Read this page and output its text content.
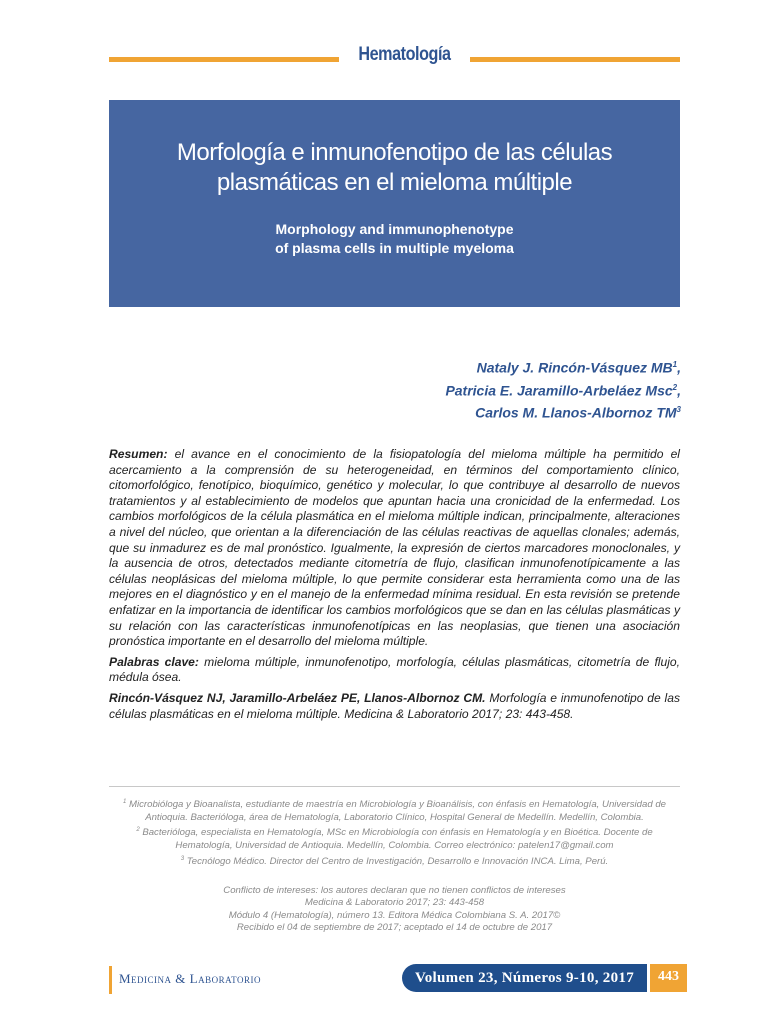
Hematología
Morfología e inmunofenotipo de las células
plasmáticas en el mieloma múltiple
Morphology and immunophenotype
of plasma cells in multiple myeloma
Nataly J. Rincón-Vásquez $MB^1$,
Patricia E. Jaramillo-Arbeláez Msc$^2$,
Carlos M. Llanos-Albornoz $TM^3$

Resumen: el avance en el conocimiento de la fisiopatología del mieloma múltiple ha permitido el acercamiento a la comprensión de su heterogeneidad, en términos del comportamiento clínico, citomorfológico, fenotípico, bioquímico, genético y molecular, lo que contribuye al desarrollo de nuevos tratamientos y al establecimiento de modelos que apuntan hacia una cronicidad de la enfermedad. Los cambios morfológicos de la célula plasmática en el mieloma múltiple indican, principalmente, alteraciones a nivel del núcleo, que orientan a la diferenciación de las células reactivas de aquellas clonales; además, que su inmadurez es de mal pronóstico. Igualmente, la expresión de ciertos marcadores monoclonales, y la ausencia de otros, detectados mediante citometría de flujo, clasifican inmunofenotípicamente a las células neoplásicas del mieloma múltiple, lo que permite considerar esta herramienta como una de las mejores en el diagnóstico y en el manejo de la enfermedad mínima residual. En esta revisión se pretende enfatizar en la importancia de identificar los cambios morfológicos que se dan en las células plasmáticas y su relación con las características inmunofenotípicas en las neoplasias, que tienen una asociación pronóstica importante en el desarrollo del mieloma múltiple.

Palabras clave: mieloma múltiple, inmunofenotipo, morfología, células plasmáticas, citometría de flujo, médula ósea.

Rincón-Vásquez NJ, Jaramillo-Arbeláez PE, Llanos-Albornoz CM. Morfología e inmunofenotipo de las células plasmáticas en el mieloma múltiple. Medicina & Laboratorio 2017; 23: 443-458.

$^1$ Microbióloga y Bioanalista, estudiante de maestría en Microbiología y Bioanálisis, con énfasis en Hematología, Universidad de Antioquia. Bacterióloga, área de Hematología, Laboratorio Clínico, Hospital General de Medellín. Medellín, Colombia.

$^2$ Bacterióloga, especialista en Hematología, MSc en Microbiología con énfasis en Hematología y en Bioética. Docente de Hematología, Universidad de Antioquia. Medellín, Colombia. Correo electrónico: patelen17@gmail.com

$^3$ Tecnólogo Médico. Director del Centro de Investigación, Desarrollo e Innovación INCA. Lima, Perú.

Conflicto de intereses: los autores declaran que no tienen conflictos de intereses

Medicina & Laboratorio 2017; 23: 443-458

Módulo 4 (Hematología), número 13. Editora Médica Colombiana S. A. 2017©

Recibido el 04 de septiembre de 2017; aceptado el 14 de octubre de 2017

Medicina & Laboratorio	Volumen 23, Números 9-10, 2017	443
